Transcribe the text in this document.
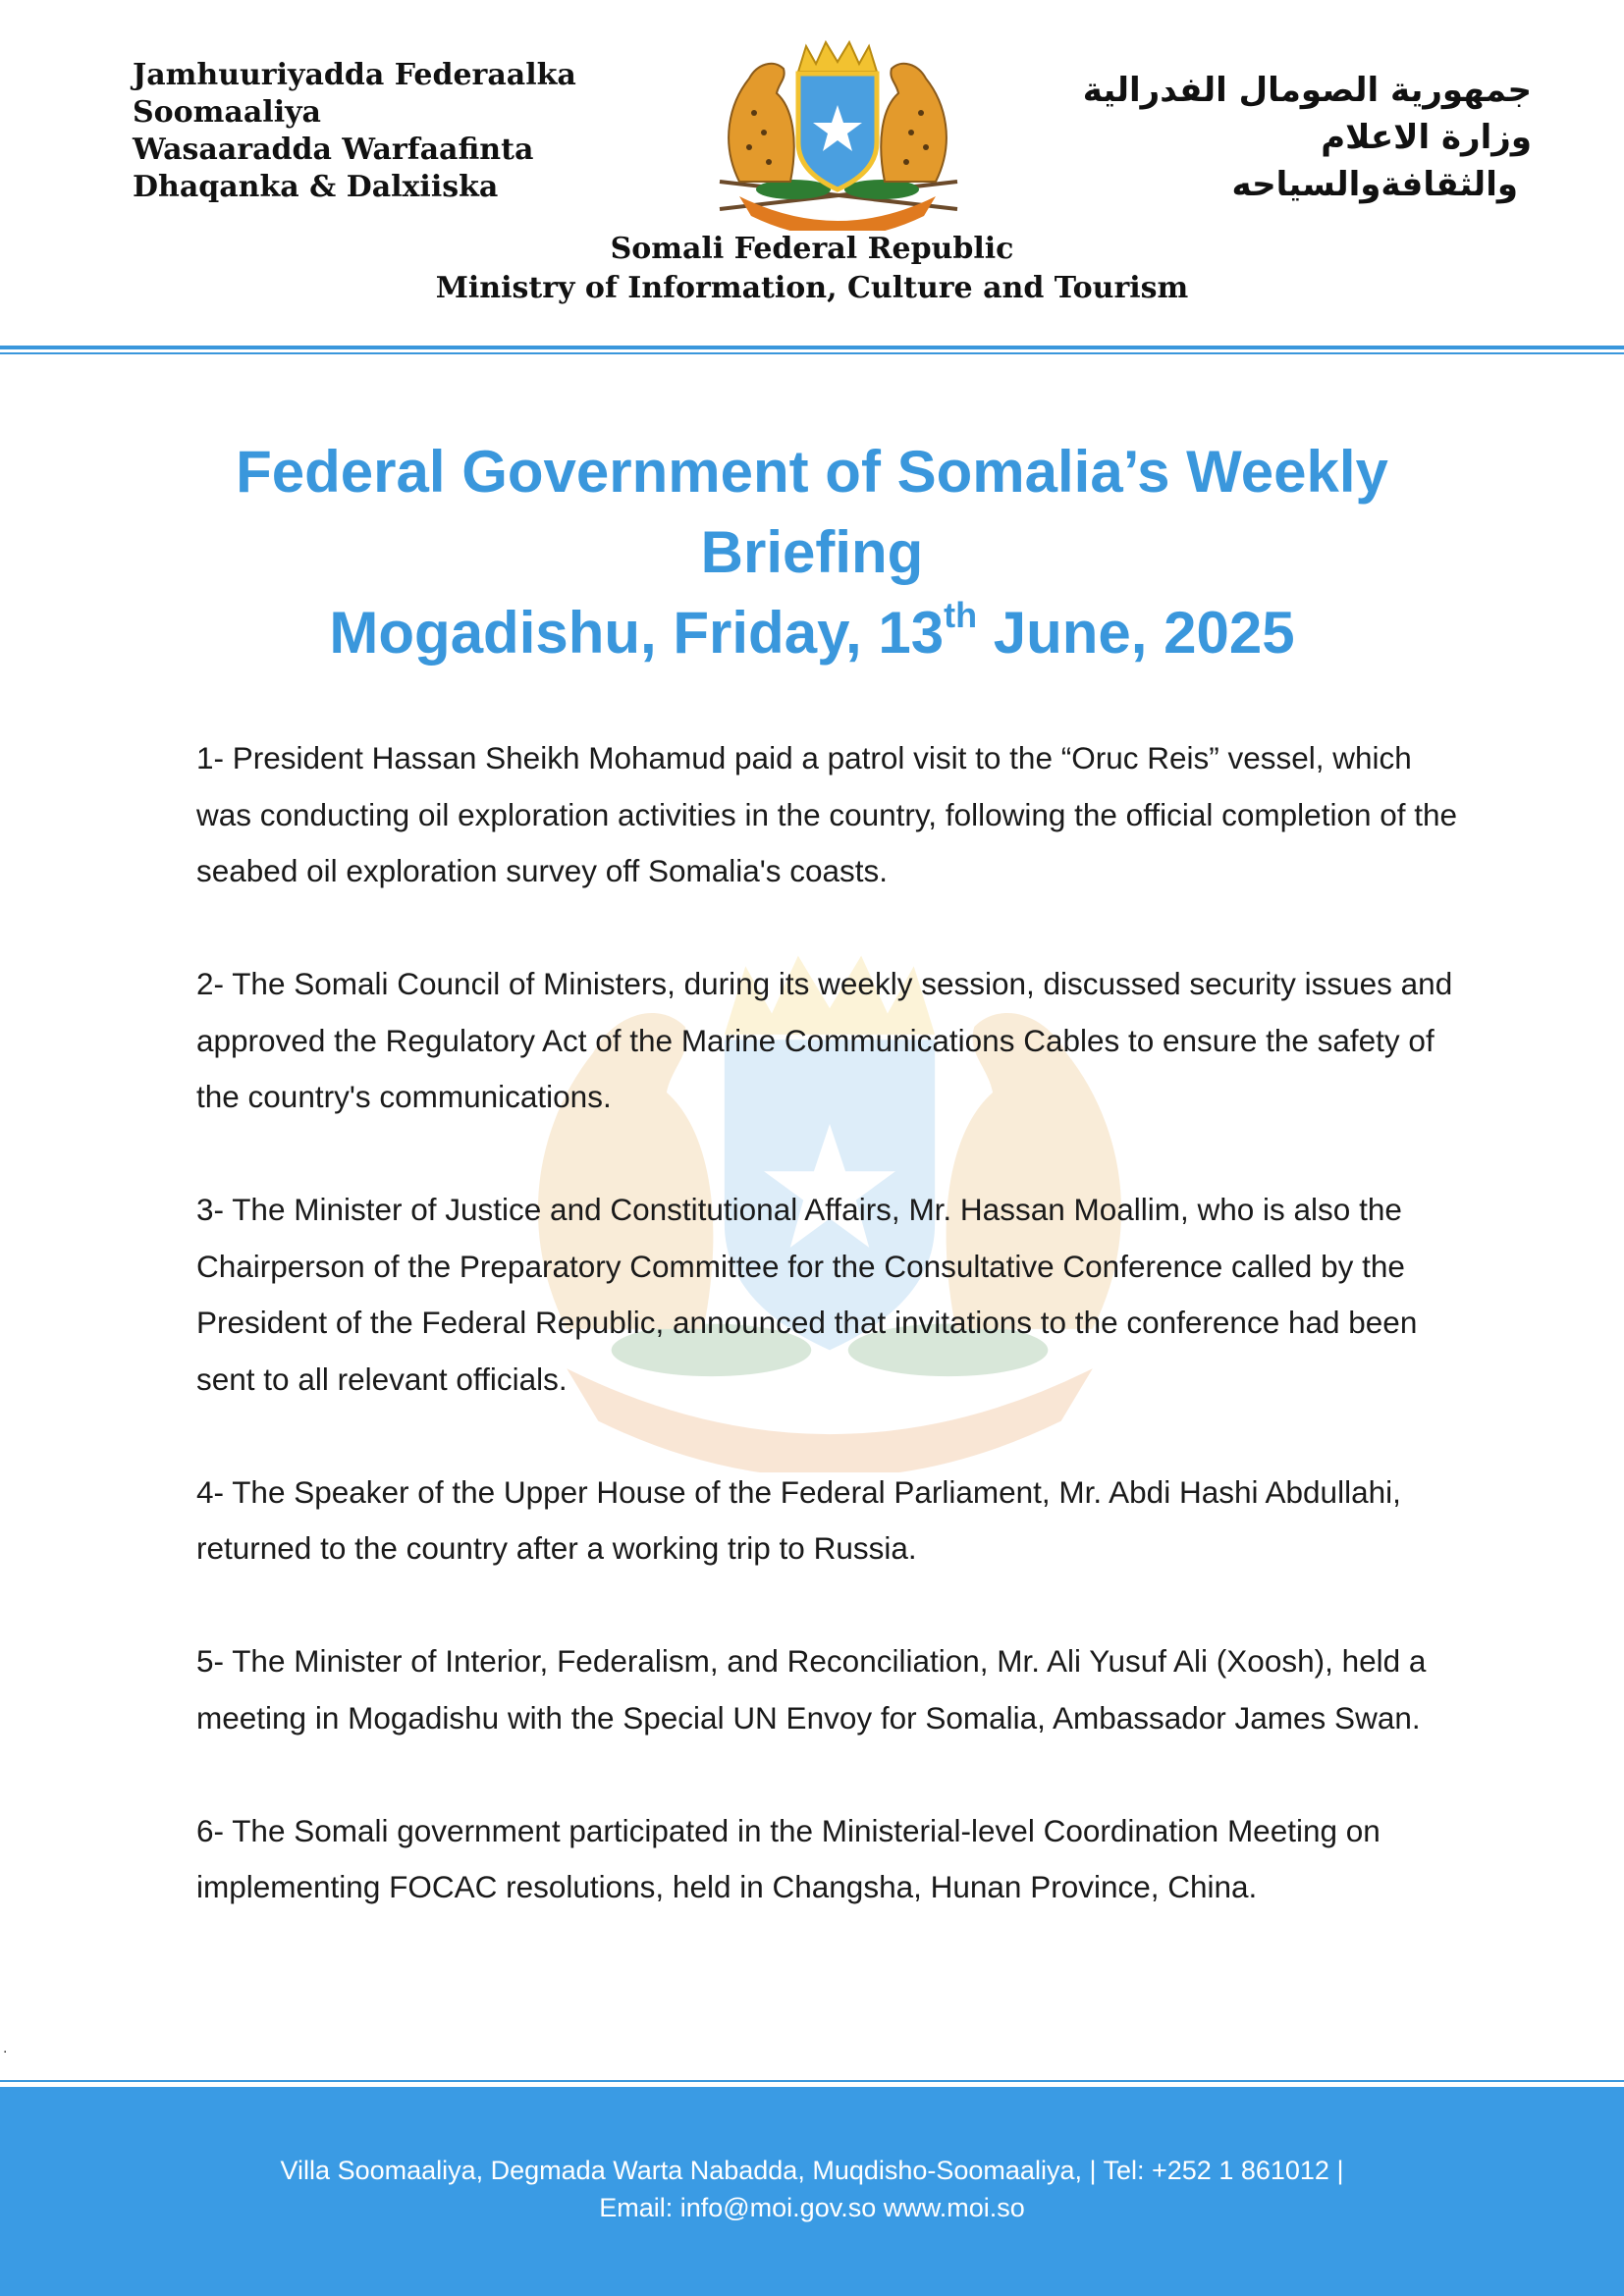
Jamhuuriyadda Federaalka
Soomaaliya
Wasaaradda Warfaafinta
Dhaqanka & Dalxiiska
جمهورية الصومال الفدرالية
وزارة الاعلام
والثقافةوالسياحه
Somali Federal Republic
Ministry of Information, Culture and Tourism
Federal Government of Somalia’s Weekly
Briefing
Mogadishu, Friday, 13th June, 2025

1- President Hassan Sheikh Mohamud paid a patrol visit to the “Oruc Reis” vessel, which was conducting oil exploration activities in the country, following the official completion of the seabed oil exploration survey off Somalia's coasts.

2- The Somali Council of Ministers, during its weekly session, discussed security issues and approved the Regulatory Act of the Marine Communications Cables to ensure the safety of the country's communications.

3- The Minister of Justice and Constitutional Affairs, Mr. Hassan Moallim, who is also the Chairperson of the Preparatory Committee for the Consultative Conference called by the President of the Federal Republic, announced that invitations to the conference had been sent to all relevant officials.

4- The Speaker of the Upper House of the Federal Parliament, Mr. Abdi Hashi Abdullahi, returned to the country after a working trip to Russia.

5- The Minister of Interior, Federalism, and Reconciliation, Mr. Ali Yusuf Ali (Xoosh), held a meeting in Mogadishu with the Special UN Envoy for Somalia, Ambassador James Swan.

6- The Somali government participated in the Ministerial-level Coordination Meeting on implementing FOCAC resolutions, held in Changsha, Hunan Province, China.

.
Villa Soomaaliya, Degmada Warta Nabadda, Muqdisho-Soomaaliya, | Tel: +252 1 861012 |
Email: info@moi.gov.so www.moi.so
